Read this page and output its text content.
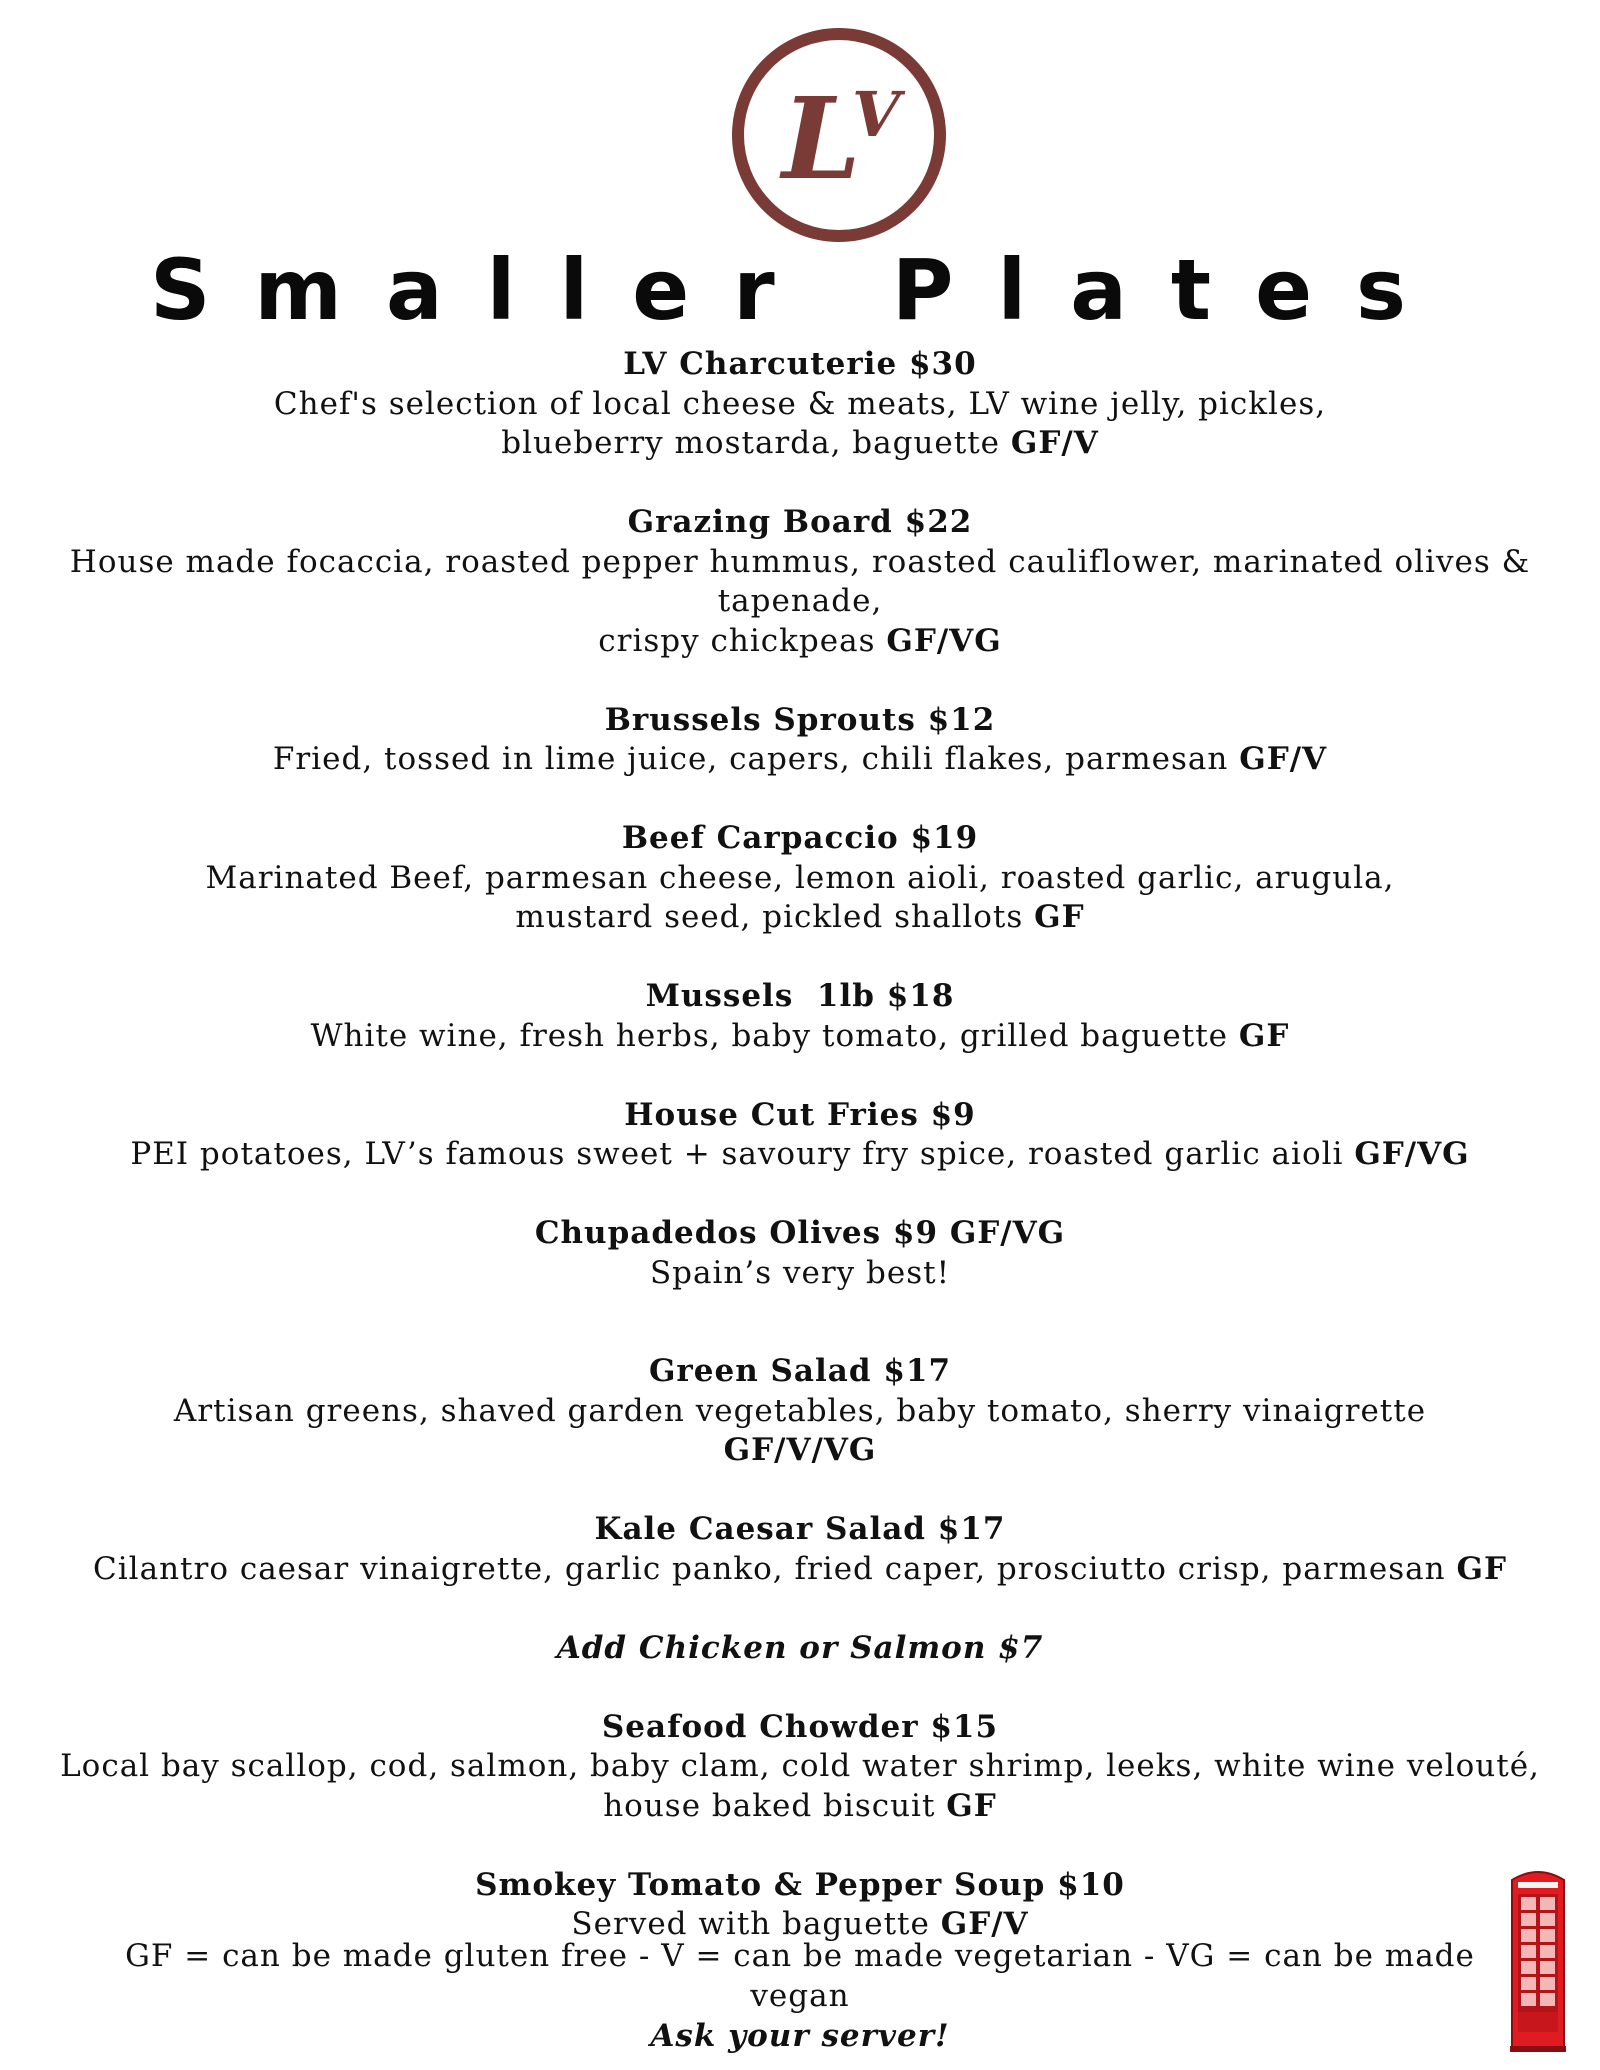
L
V
Smaller Plates
LV Charcuterie $30
Chef's selection of local cheese & meats, LV wine jelly, pickles,
blueberry mostarda, baguette GF/V
Grazing Board $22
House made focaccia, roasted pepper hummus, roasted cauliflower, marinated olives & tapenade,
crispy chickpeas GF/VG
Brussels Sprouts $12
Fried, tossed in lime juice, capers, chili flakes, parmesan GF/V
Beef Carpaccio $19
Marinated Beef, parmesan cheese, lemon aioli, roasted garlic, arugula,
mustard seed, pickled shallots GF
Mussels  1lb $18
White wine, fresh herbs, baby tomato, grilled baguette GF
House Cut Fries $9
PEI potatoes, LV’s famous sweet + savoury fry spice, roasted garlic aioli GF/VG
Chupadedos Olives $9 GF/VG
Spain’s very best!
Green Salad $17
Artisan greens, shaved garden vegetables, baby tomato, sherry vinaigrette
GF/V/VG
Kale Caesar Salad $17
Cilantro caesar vinaigrette, garlic panko, fried caper, prosciutto crisp, parmesan GF
Add Chicken or Salmon $7
Seafood Chowder $15
Local bay scallop, cod, salmon, baby clam, cold water shrimp, leeks, white wine velouté,
house baked biscuit GF
Smokey Tomato & Pepper Soup $10
Served with baguette GF/V
GF = can be made gluten free - V = can be made vegetarian - VG = can be made vegan
Ask your server!
